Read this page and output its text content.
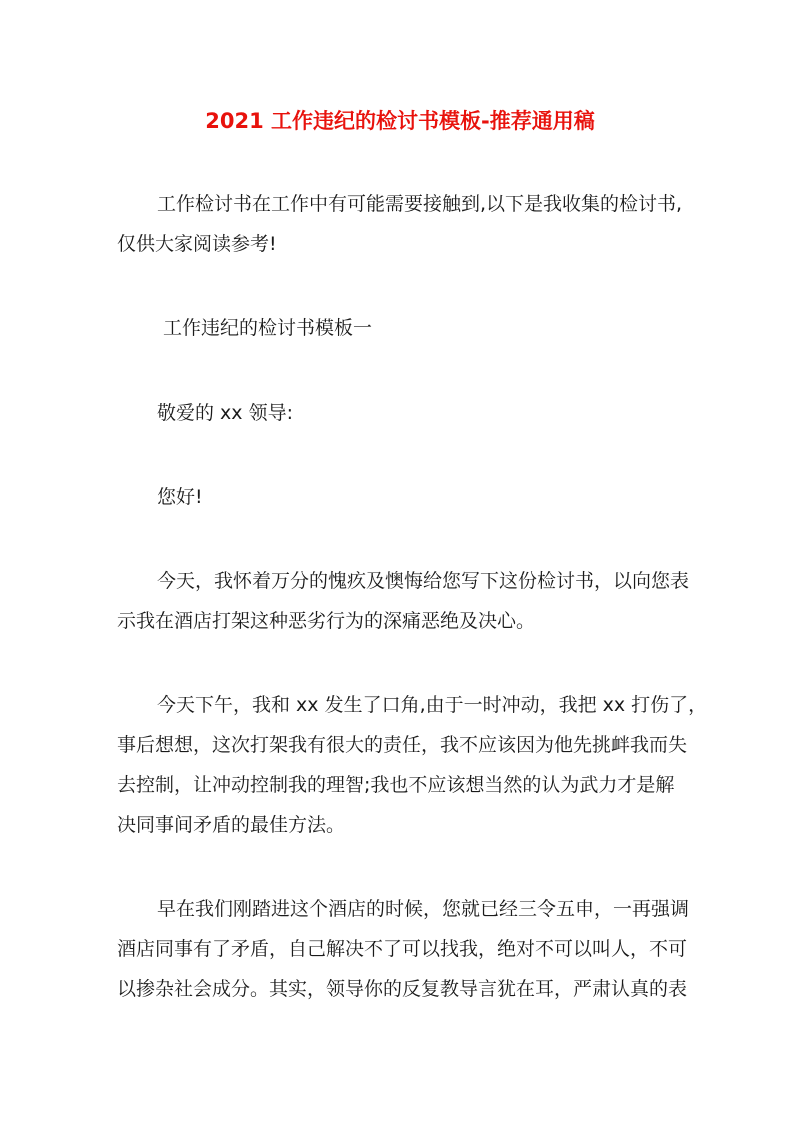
2021 工作违纪的检讨书模板-推荐通用稿
工作检讨书在工作中有可能需要接触到,以下是我收集的检讨书,
仅供大家阅读参考!
工作违纪的检讨书模板一
敬爱的 xx 领导:
您好!
今天，我怀着万分的愧疚及懊悔给您写下这份检讨书，以向您表
示我在酒店打架这种恶劣行为的深痛恶绝及决心。
今天下午，我和 xx 发生了口角,由于一时冲动，我把 xx 打伤了，
事后想想，这次打架我有很大的责任，我不应该因为他先挑衅我而失
去控制，让冲动控制我的理智;我也不应该想当然的认为武力才是解
决同事间矛盾的最佳方法。
早在我们刚踏进这个酒店的时候，您就已经三令五申，一再强调
酒店同事有了矛盾，自己解决不了可以找我，绝对不可以叫人，不可
以掺杂社会成分。其实，领导你的反复教导言犹在耳，严肃认真的表
